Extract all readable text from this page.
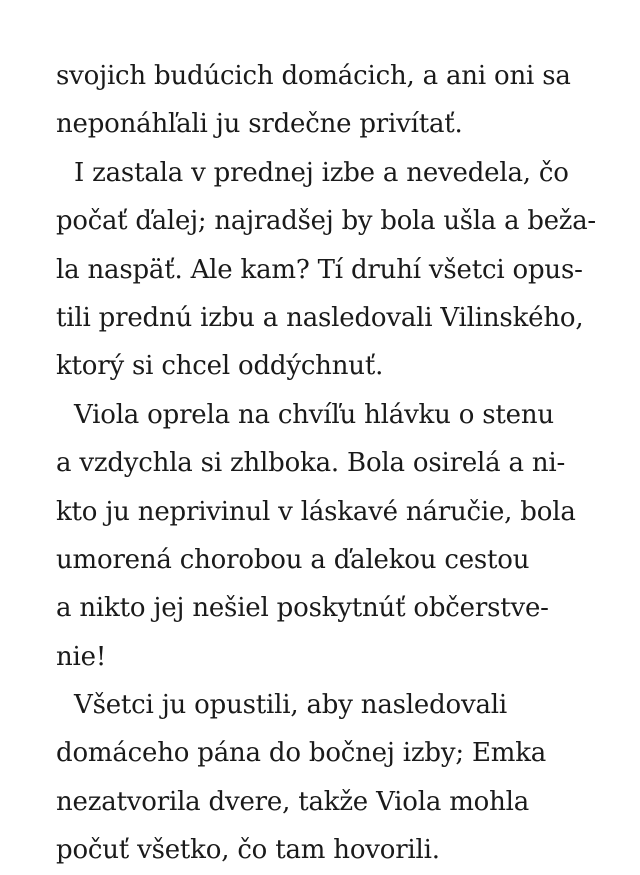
svojich budúcich domácich, a ani oni sa
neponáhľali ju srdečne privítať.
I zastala v prednej izbe a nevedela, čo
počať ďalej; najradšej by bola ušla a beža-
la naspäť. Ale kam? Tí druhí všetci opus-
tili prednú izbu a nasledovali Vilinského,
ktorý si chcel oddýchnuť.
Viola oprela na chvíľu hlávku o stenu
a vzdychla si zhlboka. Bola osirelá a ni-
kto ju neprivinul v láskavé náručie, bola
umorená chorobou a ďalekou cestou
a nikto jej nešiel poskytnúť občerstve-
nie!
Všetci ju opustili, aby nasledovali
domáceho pána do bočnej izby; Emka
nezatvorila dvere, takže Viola mohla
počuť všetko, čo tam hovorili.
